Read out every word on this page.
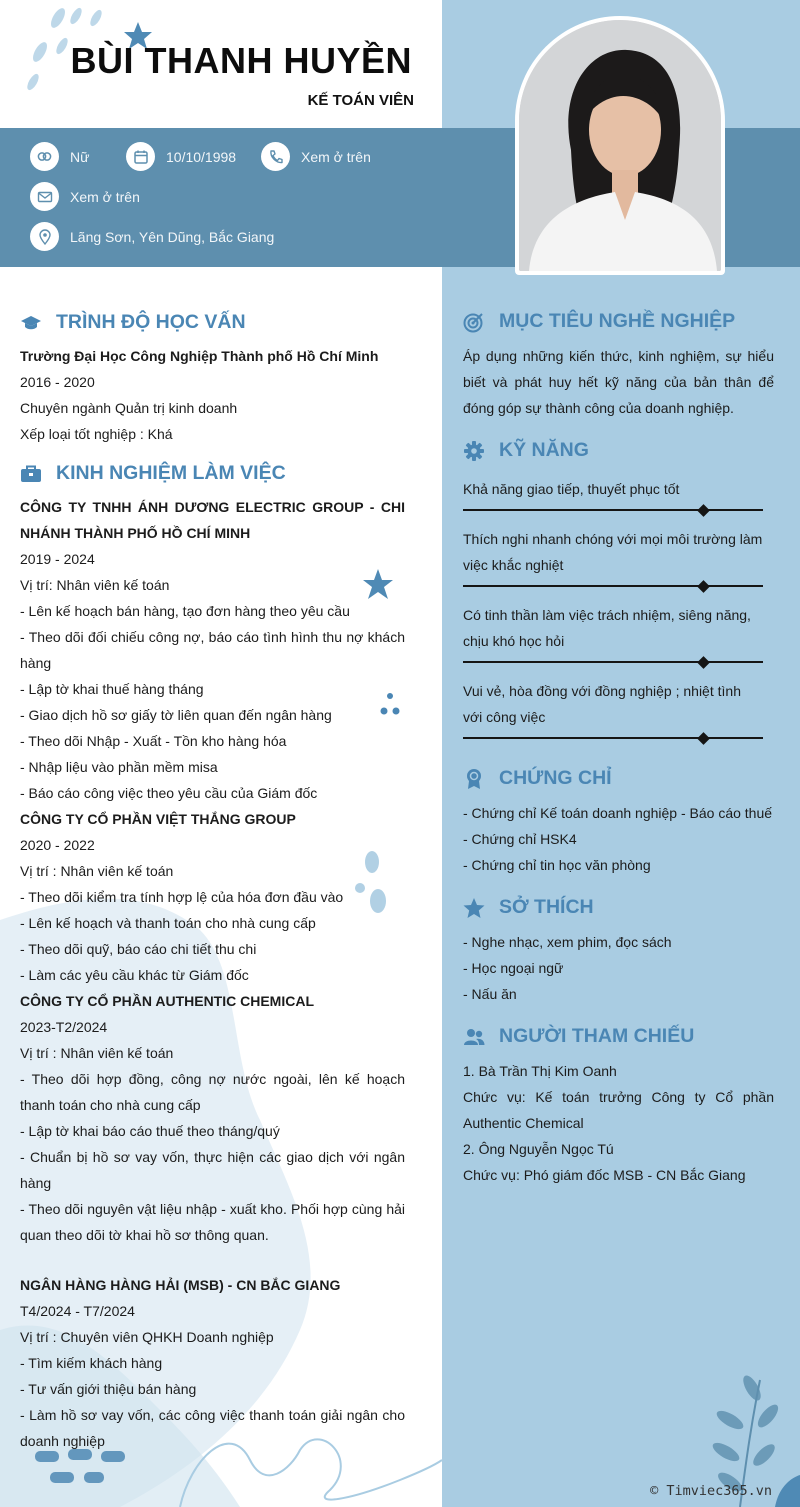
BÙI THANH HUYỀN
KẾ TOÁN VIÊN
Nữ	10/10/1998	Xem ở trên
Xem ở trên
Lãng Sơn, Yên Dũng, Bắc Giang
TRÌNH ĐỘ HỌC VẤN
Trường Đại Học Công Nghiệp Thành phố Hồ Chí Minh
2016 - 2020
Chuyên ngành Quản trị kinh doanh
Xếp loại tốt nghiệp : Khá
KINH NGHIỆM LÀM VIỆC
CÔNG TY TNHH ÁNH DƯƠNG ELECTRIC GROUP - CHI NHÁNH THÀNH PHỐ HỒ CHÍ MINH
2019 - 2024
Vị trí: Nhân viên kế toán
- Lên kế hoạch bán hàng, tạo đơn hàng theo yêu cầu
- Theo dõi đối chiếu công nợ, báo cáo tình hình thu nợ khách hàng
- Lập tờ khai thuế hàng tháng
- Giao dịch hồ sơ giấy tờ liên quan đến ngân hàng
- Theo dõi Nhập - Xuất - Tồn kho hàng hóa
- Nhập liệu vào phần mềm misa
- Báo cáo công việc theo yêu cầu của Giám đốc
CÔNG TY CỔ PHẦN VIỆT THẮNG GROUP
2020 - 2022
Vị trí : Nhân viên kế toán
- Theo dõi kiểm tra tính hợp lệ của hóa đơn đầu vào
- Lên kế hoạch và thanh toán cho nhà cung cấp
- Theo dõi quỹ, báo cáo chi tiết thu chi
- Làm các yêu cầu khác từ Giám đốc
CÔNG TY CỔ PHẦN AUTHENTIC CHEMICAL
2023-T2/2024
Vị trí : Nhân viên kế toán
- Theo dõi hợp đồng, công nợ nước ngoài, lên kế hoạch thanh toán cho nhà cung cấp
- Lập tờ khai báo cáo thuế theo tháng/quý
- Chuẩn bị hồ sơ vay vốn, thực hiện các giao dịch với ngân hàng
- Theo dõi nguyên vật liệu nhập - xuất kho. Phối hợp cùng hải quan theo dõi tờ khai hồ sơ thông quan.
NGÂN HÀNG HÀNG HẢI (MSB) - CN BẮC GIANG
T4/2024 - T7/2024
Vị trí : Chuyên viên QHKH Doanh nghiệp
- Tìm kiếm khách hàng
- Tư vấn giới thiệu bán hàng
- Làm hồ sơ vay vốn, các công việc thanh toán giải ngân cho doanh nghiệp
MỤC TIÊU NGHỀ NGHIỆP
Áp dụng những kiến thức, kinh nghiệm, sự hiểu biết và phát huy hết kỹ năng của bản thân để đóng góp sự thành công của doanh nghiệp.
KỸ NĂNG
Khả năng giao tiếp, thuyết phục tốt
Thích nghi nhanh chóng với mọi môi trường làm việc khắc nghiệt
Có tinh thần làm việc trách nhiệm, siêng năng, chịu khó học hỏi
Vui vẻ, hòa đồng với đồng nghiệp ; nhiệt tình với công việc
CHỨNG CHỈ
- Chứng chỉ Kế toán doanh nghiệp - Báo cáo thuế
- Chứng chỉ HSK4
- Chứng chỉ tin học văn phòng
SỞ THÍCH
- Nghe nhạc, xem phim, đọc sách
- Học ngoại ngữ
- Nấu ăn
NGƯỜI THAM CHIẾU
1. Bà Trần Thị Kim Oanh
Chức vụ: Kế toán trưởng Công ty Cổ phần Authentic Chemical
2. Ông Nguyễn Ngọc Tú
Chức vụ: Phó giám đốc MSB - CN Bắc Giang
© Timviec365.vn
